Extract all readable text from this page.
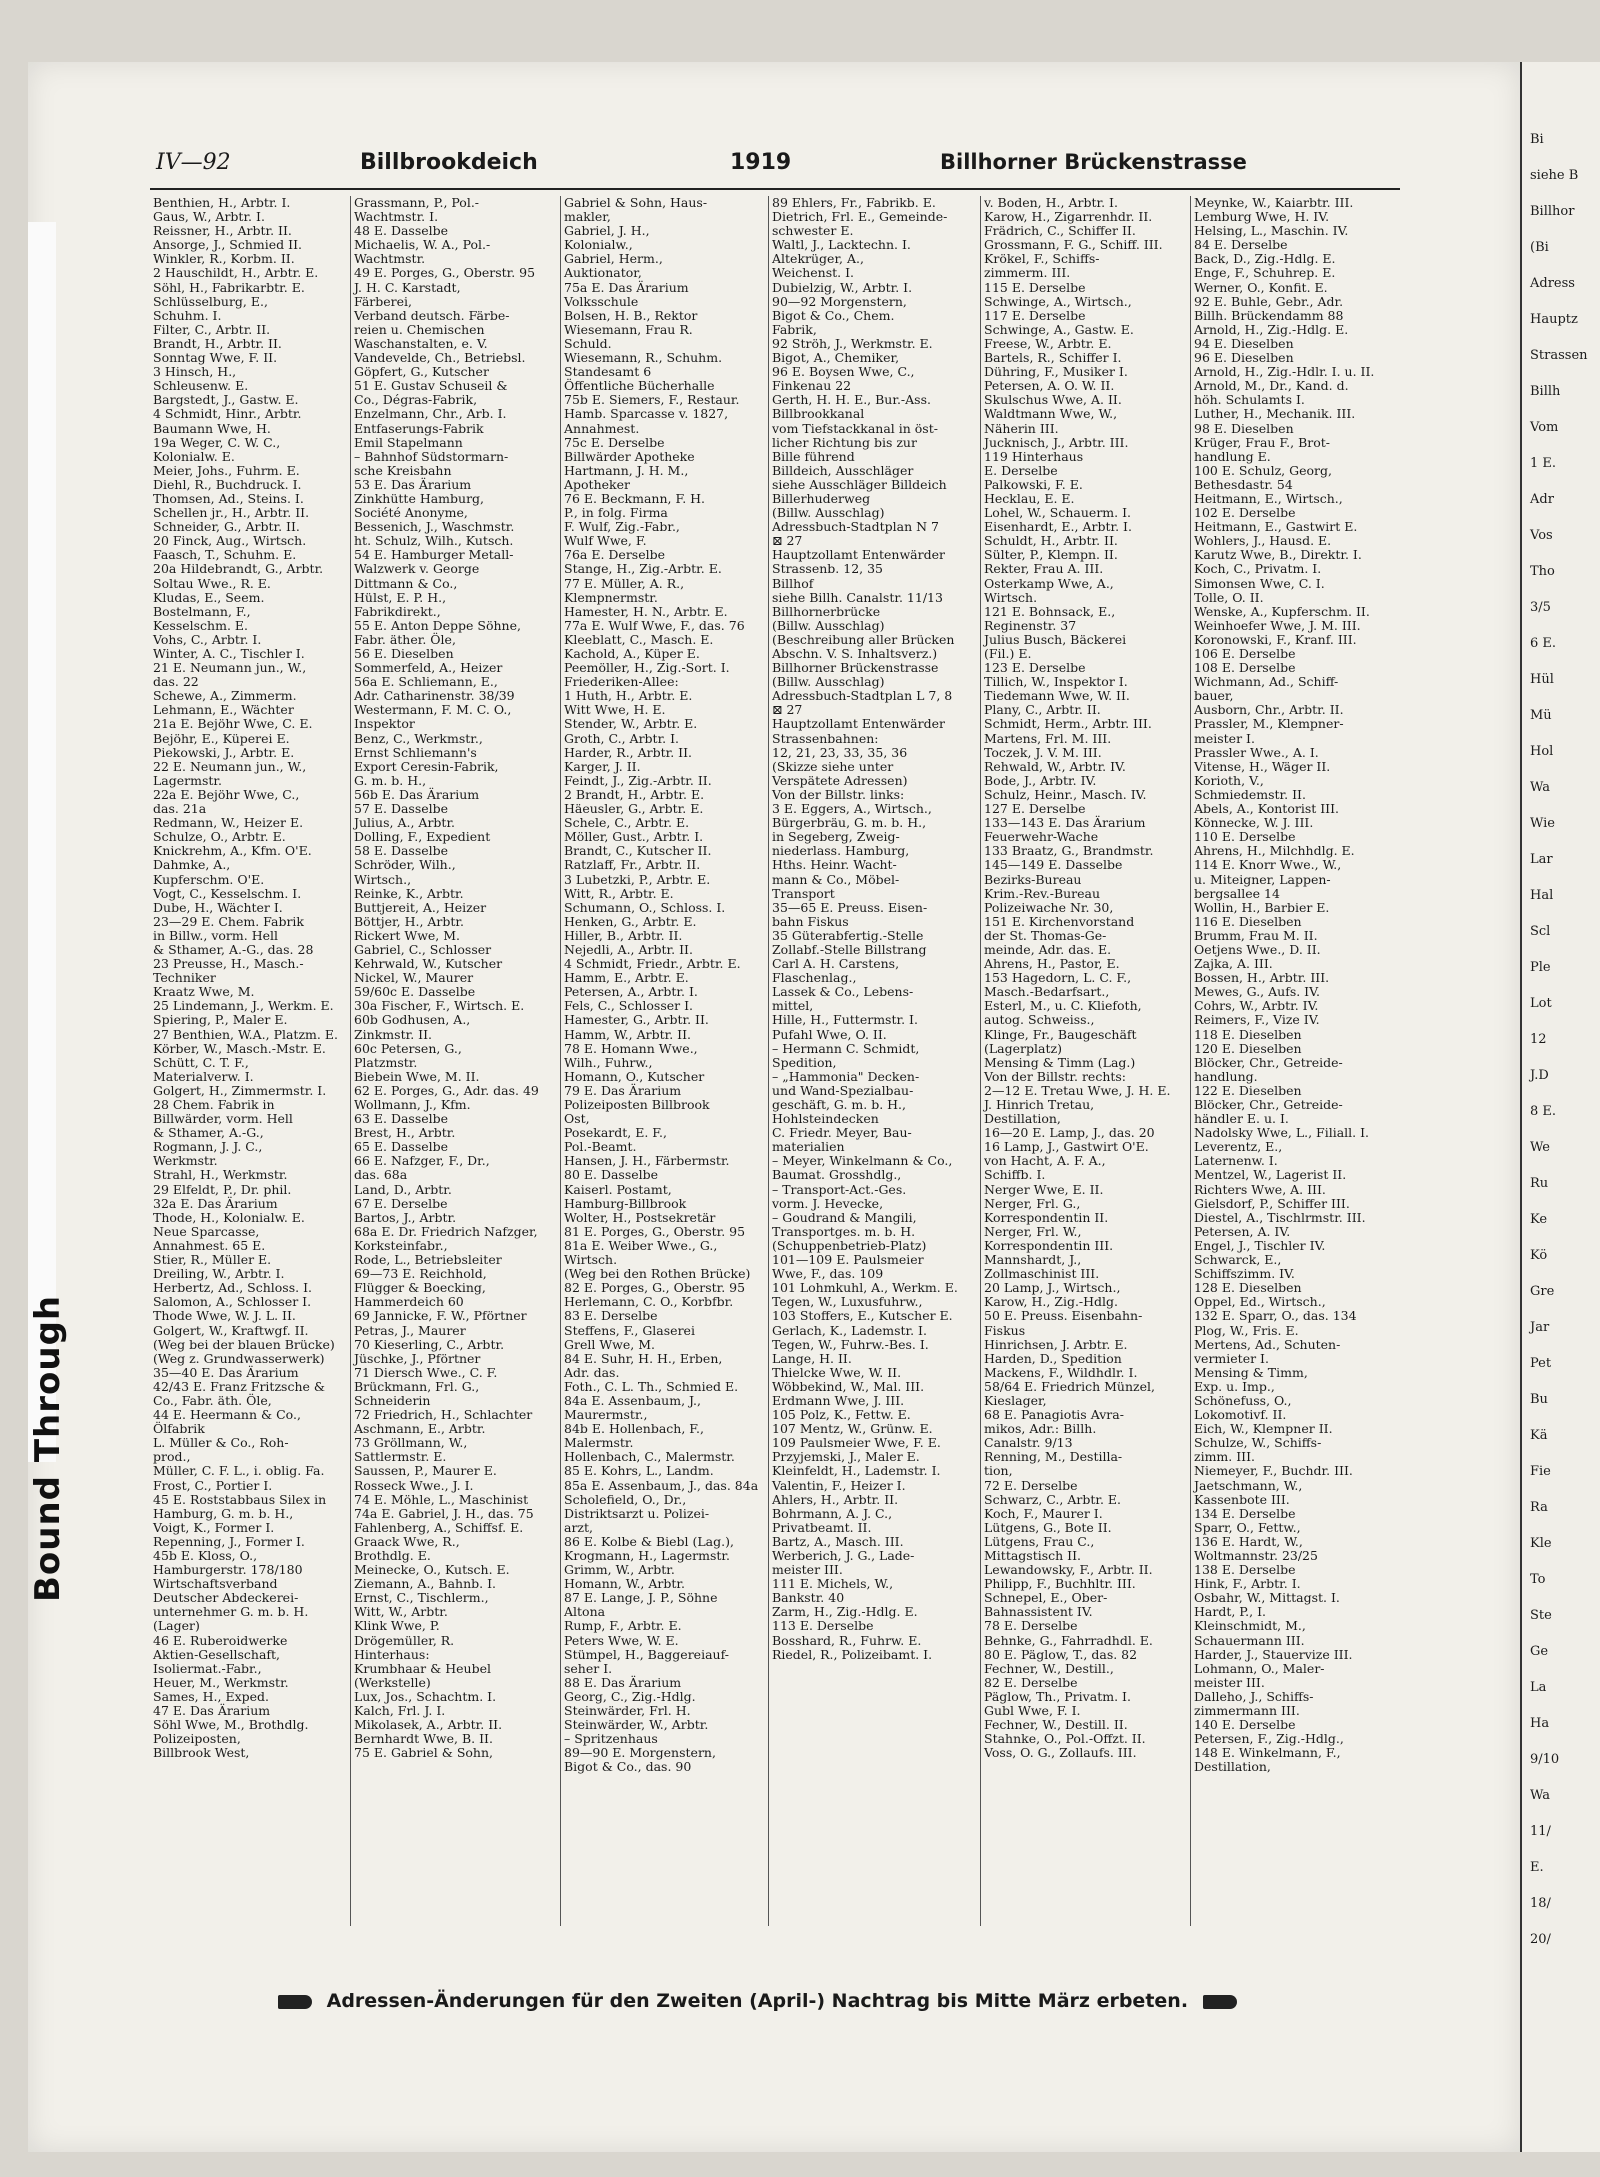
Bound Through
Bi
siehe B
Billhor
(Bi
Adress
Hauptz
Strassen
Billh
Vom
1 E.
Adr
Vos
Tho
3/5
6 E.
Hül
Mü
Hol
Wa
Wie
Lar
Hal
Scl
Ple
Lot
12
J.D
8 E.
We
Ru
Ke
Kö
Gre
Jar
Pet
Bu
Kä
Fie
Ra
Kle
To
Ste
Ge
La
Ha
9/10
Wa
11/
E.
18/
20/
IV—92	Billbrookdeich	1919	Billhorner Brückenstrasse
Benthien, H., Arbtr. I.
Gaus, W., Arbtr. I.
Reissner, H., Arbtr. II.
Ansorge, J., Schmied II.
Winkler, R., Korbm. II.
2 Hauschildt, H., Arbtr. E.
Söhl, H., Fabrikarbtr. E.
Schlüsselburg, E.,
Schuhm. I.
Filter, C., Arbtr. II.
Brandt, H., Arbtr. II.
Sonntag Wwe, F. II.
3 Hinsch, H.,
Schleusenw. E.
Bargstedt, J., Gastw. E.
4 Schmidt, Hinr., Arbtr.
Baumann Wwe, H.
19a Weger, C. W. C.,
Kolonialw. E.
Meier, Johs., Fuhrm. E.
Diehl, R., Buchdruck. I.
Thomsen, Ad., Steins. I.
Schellen jr., H., Arbtr. II.
Schneider, G., Arbtr. II.
20 Finck, Aug., Wirtsch.
Faasch, T., Schuhm. E.
20a Hildebrandt, G., Arbtr.
Soltau Wwe., R. E.
Kludas, E., Seem.
Bostelmann, F.,
Kesselschm. E.
Vohs, C., Arbtr. I.
Winter, A. C., Tischler I.
21 E. Neumann jun., W.,
das. 22
Schewe, A., Zimmerm.
Lehmann, E., Wächter
21a E. Bejöhr Wwe, C. E.
Bejöhr, E., Küperei E.
Piekowski, J., Arbtr. E.
22 E. Neumann jun., W.,
Lagermstr.
22a E. Bejöhr Wwe, C.,
das. 21a
Redmann, W., Heizer E.
Schulze, O., Arbtr. E.
Knickrehm, A., Kfm. O'E.
Dahmke, A.,
Kupferschm. O'E.
Vogt, C., Kesselschm. I.
Dube, H., Wächter I.
23—29 E. Chem. Fabrik
in Billw., vorm. Hell
& Sthamer, A.-G., das. 28
23 Preusse, H., Masch.-
Techniker
Kraatz Wwe, M.
25 Lindemann, J., Werkm. E.
Spiering, P., Maler E.
27 Benthien, W.A., Platzm. E.
Körber, W., Masch.-Mstr. E.
Schütt, C. T. F.,
Materialverw. I.
Golgert, H., Zimmermstr. I.
28 Chem. Fabrik in
Billwärder, vorm. Hell
& Sthamer, A.-G.,
Rogmann, J. J. C.,
Werkmstr.
Strahl, H., Werkmstr.
29 Elfeldt, P., Dr. phil.
32a E. Das Ärarium
Thode, H., Kolonialw. E.
Neue Sparcasse,
Annahmest. 65 E.
Stier, R., Müller E.
Dreiling, W., Arbtr. I.
Herbertz, Ad., Schloss. I.
Salomon, A., Schlosser I.
Thode Wwe, W. J. L. II.
Golgert, W., Kraftwgf. II.
(Weg bei der blauen Brücke)
(Weg z. Grundwasserwerk)
35—40 E. Das Ärarium
42/43 E. Franz Fritzsche &
Co., Fabr. äth. Öle,
44 E. Heermann & Co.,
Ölfabrik
L. Müller & Co., Roh-
prod.,
Müller, C. F. L., i. oblig. Fa.
Frost, C., Portier I.
45 E. Roststabbaus Silex in
Hamburg, G. m. b. H.,
Voigt, K., Former I.
Repenning, J., Former I.
45b E. Kloss, O.,
Hamburgerstr. 178/180
Wirtschaftsverband
Deutscher Abdeckerei-
unternehmer G. m. b. H.
(Lager)
46 E. Ruberoidwerke
Aktien-Gesellschaft,
Isoliermat.-Fabr.,
Heuer, M., Werkmstr.
Sames, H., Exped.
47 E. Das Ärarium
Söhl Wwe, M., Brothdlg.
Polizeiposten,
Billbrook West,
Grassmann, P., Pol.-
Wachtmstr. I.
48 E. Dasselbe
Michaelis, W. A., Pol.-
Wachtmstr.
49 E. Porges, G., Oberstr. 95
J. H. C. Karstadt,
Färberei,
Verband deutsch. Färbe-
reien u. Chemischen
Waschanstalten, e. V.
Vandevelde, Ch., Betriebsl.
Göpfert, G., Kutscher
51 E. Gustav Schuseil &
Co., Dégras-Fabrik,
Enzelmann, Chr., Arb. I.
Entfaserungs-Fabrik
Emil Stapelmann
– Bahnhof Südstormarn-
sche Kreisbahn
53 E. Das Ärarium
Zinkhütte Hamburg,
Société Anonyme,
Bessenich, J., Waschmstr.
ht. Schulz, Wilh., Kutsch.
54 E. Hamburger Metall-
Walzwerk v. George
Dittmann & Co.,
Hülst, E. P. H.,
Fabrikdirekt.,
55 E. Anton Deppe Söhne,
Fabr. äther. Öle,
56 E. Dieselben
Sommerfeld, A., Heizer
56a E. Schliemann, E.,
Adr. Catharinenstr. 38/39
Westermann, F. M. C. O.,
Inspektor
Benz, C., Werkmstr.,
Ernst Schliemann's
Export Ceresin-Fabrik,
G. m. b. H.,
56b E. Das Ärarium
57 E. Dasselbe
Julius, A., Arbtr.
Dolling, F., Expedient
58 E. Dasselbe
Schröder, Wilh.,
Wirtsch.,
Reinke, K., Arbtr.
Buttjereit, A., Heizer
Böttjer, H., Arbtr.
Rickert Wwe, M.
Gabriel, C., Schlosser
Kehrwald, W., Kutscher
Nickel, W., Maurer
59/60c E. Dasselbe
30a Fischer, F., Wirtsch. E.
60b Godhusen, A.,
Zinkmstr. II.
60c Petersen, G.,
Platzmstr.
Biebein Wwe, M. II.
62 E. Porges, G., Adr. das. 49
Wollmann, J., Kfm.
63 E. Dasselbe
Brest, H., Arbtr.
65 E. Dasselbe
66 E. Nafzger, F., Dr.,
das. 68a
Land, D., Arbtr.
67 E. Derselbe
Bartos, J., Arbtr.
68a E. Dr. Friedrich Nafzger,
Korksteinfabr.,
Rode, L., Betriebsleiter
69—73 E. Reichhold,
Flügger & Boecking,
Hammerdeich 60
69 Jannicke, F. W., Pförtner
Petras, J., Maurer
70 Kieserling, C., Arbtr.
Jüschke, J., Pförtner
71 Diersch Wwe., C. F.
Brückmann, Frl. G.,
Schneiderin
72 Friedrich, H., Schlachter
Aschmann, E., Arbtr.
73 Gröllmann, W.,
Sattlermstr. E.
Saussen, P., Maurer E.
Rosseck Wwe., J. I.
74 E. Möhle, L., Maschinist
74a E. Gabriel, J. H., das. 75
Fahlenberg, A., Schiffsf. E.
Graack Wwe, R.,
Brothdlg. E.
Meinecke, O., Kutsch. E.
Ziemann, A., Bahnb. I.
Ernst, C., Tischlerm.,
Witt, W., Arbtr.
Klink Wwe, P.
Drögemüller, R.
Hinterhaus:
Krumbhaar & Heubel
(Werkstelle)
Lux, Jos., Schachtm. I.
Kalch, Frl. J. I.
Mikolasek, A., Arbtr. II.
Bernhardt Wwe, B. II.
75 E. Gabriel & Sohn,
Gabriel & Sohn, Haus-
makler,
Gabriel, J. H.,
Kolonialw.,
Gabriel, Herm.,
Auktionator,
75a E. Das Ärarium
Volksschule
Bolsen, H. B., Rektor
Wiesemann, Frau R.
Schuld.
Wiesemann, R., Schuhm.
Standesamt 6
Öffentliche Bücherhalle
75b E. Siemers, F., Restaur.
Hamb. Sparcasse v. 1827,
Annahmest.
75c E. Derselbe
Billwärder Apotheke
Hartmann, J. H. M.,
Apotheker
76 E. Beckmann, F. H.
P., in folg. Firma
F. Wulf, Zig.-Fabr.,
Wulf Wwe, F.
76a E. Derselbe
Stange, H., Zig.-Arbtr. E.
77 E. Müller, A. R.,
Klempnermstr.
Hamester, H. N., Arbtr. E.
77a E. Wulf Wwe, F., das. 76
Kleeblatt, C., Masch. E.
Kachold, A., Küper E.
Peemöller, H., Zig.-Sort. I.
Friederiken-Allee:
1 Huth, H., Arbtr. E.
Witt Wwe, H. E.
Stender, W., Arbtr. E.
Groth, C., Arbtr. I.
Harder, R., Arbtr. II.
Karger, J. II.
Feindt, J., Zig.-Arbtr. II.
2 Brandt, H., Arbtr. E.
Häeusler, G., Arbtr. E.
Schele, C., Arbtr. E.
Möller, Gust., Arbtr. I.
Brandt, C., Kutscher II.
Ratzlaff, Fr., Arbtr. II.
3 Lubetzki, P., Arbtr. E.
Witt, R., Arbtr. E.
Schumann, O., Schloss. I.
Henken, G., Arbtr. E.
Hiller, B., Arbtr. II.
Nejedli, A., Arbtr. II.
4 Schmidt, Friedr., Arbtr. E.
Hamm, E., Arbtr. E.
Petersen, A., Arbtr. I.
Fels, C., Schlosser I.
Hamester, G., Arbtr. II.
Hamm, W., Arbtr. II.
78 E. Homann Wwe.,
Wilh., Fuhrw.,
Homann, O., Kutscher
79 E. Das Ärarium
Polizeiposten Billbrook
Ost,
Posekardt, E. F.,
Pol.-Beamt.
Hansen, J. H., Färbermstr.
80 E. Dasselbe
Kaiserl. Postamt,
Hamburg-Billbrook
Wolter, H., Postsekretär
81 E. Porges, G., Oberstr. 95
81a E. Weiber Wwe., G.,
Wirtsch.
(Weg bei den Rothen Brücke)
82 E. Porges, G., Oberstr. 95
Herlemann, C. O., Korbfbr.
83 E. Derselbe
Steffens, F., Glaserei
Grell Wwe, M.
84 E. Suhr, H. H., Erben,
Adr. das.
Foth., C. L. Th., Schmied E.
84a E. Assenbaum, J.,
Maurermstr.,
84b E. Hollenbach, F.,
Malermstr.
Hollenbach, C., Malermstr.
85 E. Kohrs, L., Landm.
85a E. Assenbaum, J., das. 84a
Scholefield, O., Dr.,
Distriktsarzt u. Polizei-
arzt,
86 E. Kolbe & Biebl (Lag.),
Krogmann, H., Lagermstr.
Grimm, W., Arbtr.
Homann, W., Arbtr.
87 E. Lange, J. P., Söhne
Altona
Rump, F., Arbtr. E.
Peters Wwe, W. E.
Stümpel, H., Baggereiauf-
seher I.
88 E. Das Ärarium
Georg, C., Zig.-Hdlg.
Steinwärder, Frl. H.
Steinwärder, W., Arbtr.
– Spritzenhaus
89—90 E. Morgenstern,
Bigot & Co., das. 90
89 Ehlers, Fr., Fabrikb. E.
Dietrich, Frl. E., Gemeinde-
schwester E.
Waltl, J., Lacktechn. I.
Altekrüger, A.,
Weichenst. I.
Dubielzig, W., Arbtr. I.
90—92 Morgenstern,
Bigot & Co., Chem.
Fabrik,
92 Ströh, J., Werkmstr. E.
Bigot, A., Chemiker,
96 E. Boysen Wwe, C.,
Finkenau 22
Gerth, H. H. E., Bur.-Ass.
Billbrookkanal
vom Tiefstackkanal in öst-
licher Richtung bis zur
Bille führend
Billdeich, Ausschläger
siehe Ausschläger Billdeich
Billerhuderweg
(Billw. Ausschlag)
Adressbuch-Stadtplan N 7
⊠ 27
Hauptzollamt Entenwärder
Strassenb. 12, 35
Billhof
siehe Billh. Canalstr. 11/13
Billhornerbrücke
(Billw. Ausschlag)
(Beschreibung aller Brücken
Abschn. V. S. Inhaltsverz.)
Billhorner Brückenstrasse
(Billw. Ausschlag)
Adressbuch-Stadtplan L 7, 8
⊠ 27
Hauptzollamt Entenwärder
Strassenbahnen:
12, 21, 23, 33, 35, 36
(Skizze siehe unter
Verspätete Adressen)
Von der Billstr. links:
3 E. Eggers, A., Wirtsch.,
Bürgerbräu, G. m. b. H.,
in Segeberg, Zweig-
niederlass. Hamburg,
Hths. Heinr. Wacht-
mann & Co., Möbel-
Transport
35—65 E. Preuss. Eisen-
bahn Fiskus
35 Güterabfertig.-Stelle
Zollabf.-Stelle Billstrang
Carl A. H. Carstens,
Flaschenlag.,
Lassek & Co., Lebens-
mittel,
Hille, H., Futtermstr. I.
Pufahl Wwe, O. II.
– Hermann C. Schmidt,
Spedition,
– „Hammonia" Decken-
und Wand-Spezialbau-
geschäft, G. m. b. H.,
Hohlsteindecken
C. Friedr. Meyer, Bau-
materialien
– Meyer, Winkelmann & Co.,
Baumat. Grosshdlg.,
– Transport-Act.-Ges.
vorm. J. Hevecke,
– Goudrand & Mangili,
Transportges. m. b. H.
(Schuppenbetrieb-Platz)
101—109 E. Paulsmeier
Wwe, F., das. 109
101 Lohmkuhl, A., Werkm. E.
Tegen, W., Luxusfuhrw.,
103 Stoffers, E., Kutscher E.
Gerlach, K., Lademstr. I.
Tegen, W., Fuhrw.-Bes. I.
Lange, H. II.
Thielcke Wwe, W. II.
Wöbbekind, W., Mal. III.
Erdmann Wwe, J. III.
105 Polz, K., Fettw. E.
107 Mentz, W., Grünw. E.
109 Paulsmeier Wwe, F. E.
Przyjemski, J., Maler E.
Kleinfeldt, H., Lademstr. I.
Valentin, F., Heizer I.
Ahlers, H., Arbtr. II.
Bohrmann, A. J. C.,
Privatbeamt. II.
Bartz, A., Masch. III.
Werberich, J. G., Lade-
meister III.
111 E. Michels, W.,
Bankstr. 40
Zarm, H., Zig.-Hdlg. E.
113 E. Derselbe
Bosshard, R., Fuhrw. E.
Riedel, R., Polizeibamt. I.
v. Boden, H., Arbtr. I.
Karow, H., Zigarrenhdr. II.
Frädrich, C., Schiffer II.
Grossmann, F. G., Schiff. III.
Krökel, F., Schiffs-
zimmerm. III.
115 E. Derselbe
Schwinge, A., Wirtsch.,
117 E. Derselbe
Schwinge, A., Gastw. E.
Freese, W., Arbtr. E.
Bartels, R., Schiffer I.
Dühring, F., Musiker I.
Petersen, A. O. W. II.
Skulschus Wwe, A. II.
Waldtmann Wwe, W.,
Näherin III.
Jucknisch, J., Arbtr. III.
119 Hinterhaus
E. Derselbe
Palkowski, F. E.
Hecklau, E. E.
Lohel, W., Schauerm. I.
Eisenhardt, E., Arbtr. I.
Schuldt, H., Arbtr. II.
Sülter, P., Klempn. II.
Rekter, Frau A. III.
Osterkamp Wwe, A.,
Wirtsch.
121 E. Bohnsack, E.,
Reginenstr. 37
Julius Busch, Bäckerei
(Fil.) E.
123 E. Derselbe
Tillich, W., Inspektor I.
Tiedemann Wwe, W. II.
Plany, C., Arbtr. II.
Schmidt, Herm., Arbtr. III.
Martens, Frl. M. III.
Toczek, J. V. M. III.
Rehwald, W., Arbtr. IV.
Bode, J., Arbtr. IV.
Schulz, Heinr., Masch. IV.
127 E. Derselbe
133—143 E. Das Ärarium
Feuerwehr-Wache
133 Braatz, G., Brandmstr.
145—149 E. Dasselbe
Bezirks-Bureau
Krim.-Rev.-Bureau
Polizeiwache Nr. 30,
151 E. Kirchenvorstand
der St. Thomas-Ge-
meinde, Adr. das. E.
Ahrens, H., Pastor, E.
153 Hagedorn, L. C. F.,
Masch.-Bedarfsart.,
Esterl, M., u. C. Kliefoth,
autog. Schweiss.,
Klinge, Fr., Baugeschäft
(Lagerplatz)
Mensing & Timm (Lag.)
Von der Billstr. rechts:
2—12 E. Tretau Wwe, J. H. E.
J. Hinrich Tretau,
Destillation,
16—20 E. Lamp, J., das. 20
16 Lamp, J., Gastwirt O'E.
von Hacht, A. F. A.,
Schiffb. I.
Nerger Wwe, E. II.
Nerger, Frl. G.,
Korrespondentin II.
Nerger, Frl. W.,
Korrespondentin III.
Mannshardt, J.,
Zollmaschinist III.
20 Lamp, J., Wirtsch.,
Karow, H., Zig.-Hdlg.
50 E. Preuss. Eisenbahn-
Fiskus
Hinrichsen, J. Arbtr. E.
Harden, D., Spedition
Mackens, F., Wildhdlr. I.
58/64 E. Friedrich Münzel,
Kieslager,
68 E. Panagiotis Avra-
mikos, Adr.: Billh.
Canalstr. 9/13
Renning, M., Destilla-
tion,
72 E. Derselbe
Schwarz, C., Arbtr. E.
Koch, F., Maurer I.
Lütgens, G., Bote II.
Lütgens, Frau C.,
Mittagstisch II.
Lewandowsky, F., Arbtr. II.
Philipp, F., Buchhltr. III.
Schnepel, E., Ober-
Bahnassistent IV.
78 E. Derselbe
Behnke, G., Fahrradhdl. E.
80 E. Päglow, T., das. 82
Fechner, W., Destill.,
82 E. Derselbe
Päglow, Th., Privatm. I.
Gubl Wwe, F. I.
Fechner, W., Destill. II.
Stahnke, O., Pol.-Offzt. II.
Voss, O. G., Zollaufs. III.
Meynke, W., Kaiarbtr. III.
Lemburg Wwe, H. IV.
Helsing, L., Maschin. IV.
84 E. Derselbe
Back, D., Zig.-Hdlg. E.
Enge, F., Schuhrep. E.
Werner, O., Konfit. E.
92 E. Buhle, Gebr., Adr.
Billh. Brückendamm 88
Arnold, H., Zig.-Hdlg. E.
94 E. Dieselben
96 E. Dieselben
Arnold, H., Zig.-Hdlr. I. u. II.
Arnold, M., Dr., Kand. d.
höh. Schulamts I.
Luther, H., Mechanik. III.
98 E. Dieselben
Krüger, Frau F., Brot-
handlung E.
100 E. Schulz, Georg,
Bethesdastr. 54
Heitmann, E., Wirtsch.,
102 E. Derselbe
Heitmann, E., Gastwirt E.
Wohlers, J., Hausd. E.
Karutz Wwe, B., Direktr. I.
Koch, C., Privatm. I.
Simonsen Wwe, C. I.
Tolle, O. II.
Wenske, A., Kupferschm. II.
Weinhoefer Wwe, J. M. III.
Koronowski, F., Kranf. III.
106 E. Derselbe
108 E. Derselbe
Wichmann, Ad., Schiff-
bauer,
Ausborn, Chr., Arbtr. II.
Prassler, M., Klempner-
meister I.
Prassler Wwe., A. I.
Vitense, H., Wäger II.
Korioth, V.,
Schmiedemstr. II.
Abels, A., Kontorist III.
Könnecke, W. J. III.
110 E. Derselbe
Ahrens, H., Milchhdlg. E.
114 E. Knorr Wwe., W.,
u. Miteigner, Lappen-
bergsallee 14
Wollin, H., Barbier E.
116 E. Dieselben
Brumm, Frau M. II.
Oetjens Wwe., D. II.
Zajka, A. III.
Bossen, H., Arbtr. III.
Mewes, G., Aufs. IV.
Cohrs, W., Arbtr. IV.
Reimers, F., Vize IV.
118 E. Dieselben
120 E. Dieselben
Blöcker, Chr., Getreide-
handlung.
122 E. Dieselben
Blöcker, Chr., Getreide-
händler E. u. I.
Nadolsky Wwe, L., Filiall. I.
Leverentz, E.,
Laternenw. I.
Mentzel, W., Lagerist II.
Richters Wwe, A. III.
Gielsdorf, P., Schiffer III.
Diestel, A., Tischlrmstr. III.
Petersen, A. IV.
Engel, J., Tischler IV.
Schwarck, E.,
Schiffszimm. IV.
128 E. Dieselben
Oppel, Ed., Wirtsch.,
132 E. Sparr, O., das. 134
Plog, W., Fris. E.
Mertens, Ad., Schuten-
vermieter I.
Mensing & Timm,
Exp. u. Imp.,
Schönefuss, O.,
Lokomotivf. II.
Eich, W., Klempner II.
Schulze, W., Schiffs-
zimm. III.
Niemeyer, F., Buchdr. III.
Jaetschmann, W.,
Kassenbote III.
134 E. Derselbe
Sparr, O., Fettw.,
136 E. Hardt, W.,
Woltmannstr. 23/25
138 E. Derselbe
Hink, F., Arbtr. I.
Osbahr, W., Mittagst. I.
Hardt, P., I.
Kleinschmidt, M.,
Schauermann III.
Harder, J., Stauervize III.
Lohmann, O., Maler-
meister III.
Dalleho, J., Schiffs-
zimmermann III.
140 E. Derselbe
Petersen, F., Zig.-Hdlg.,
148 E. Winkelmann, F.,
Destillation,
Adressen-Änderungen für den Zweiten (April-) Nachtrag bis Mitte März erbeten.
